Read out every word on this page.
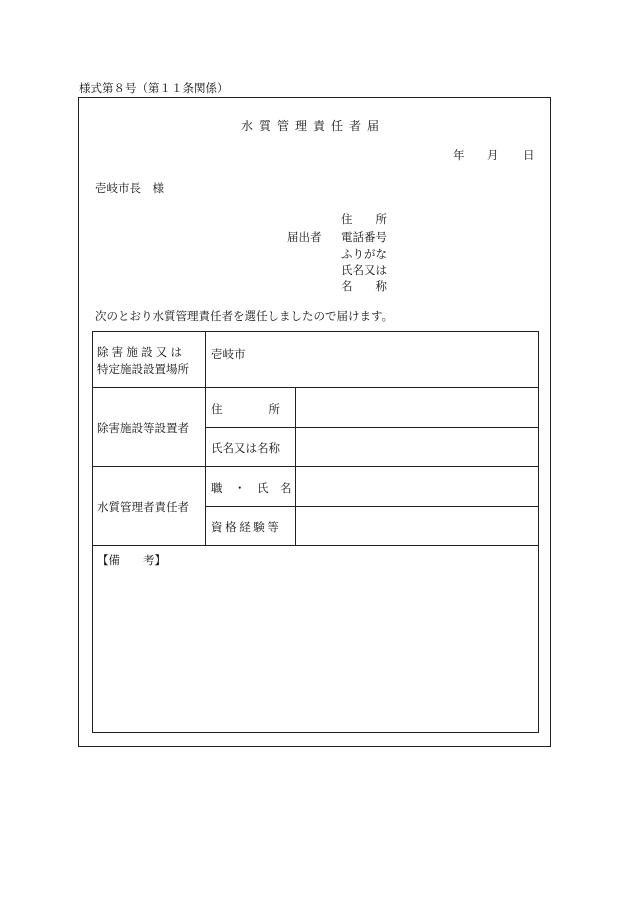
様式第８号（第１１条関係）
水質管理責任者届
年 月 日
壱岐市長　様
住　　所
届出者 電話番号
ふりがな
氏名又は
名　　称
次のとおり水質管理責任者を選任しましたので届けます。
除害施設又は
特定施設設置場所
壱岐市
除害施設等設置者
住　　　　所
氏名又は名称
水質管理者責任者
職　・　氏　名
資格経験等
【備　　考】
